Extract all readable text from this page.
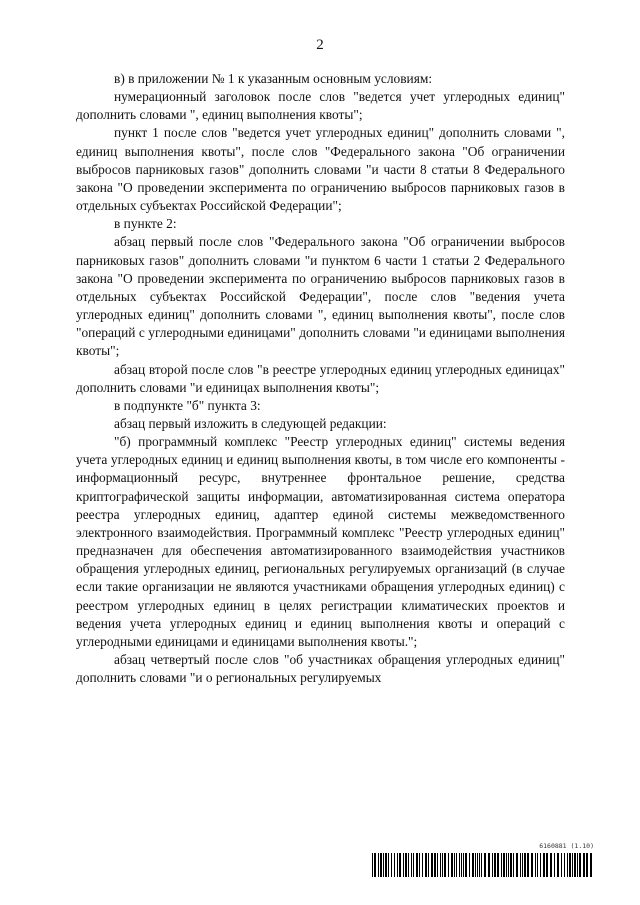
2

в) в приложении № 1 к указанным основным условиям:

нумерационный заголовок после слов "ведется учет углеродных единиц" дополнить словами ", единиц выполнения квоты";

пункт 1 после слов "ведется учет углеродных единиц" дополнить словами ", единиц выполнения квоты", после слов "Федерального закона "Об ограничении выбросов парниковых газов" дополнить словами "и части 8 статьи 8 Федерального закона "О проведении эксперимента по ограничению выбросов парниковых газов в отдельных субъектах Российской Федерации";

в пункте 2:

абзац первый после слов "Федерального закона "Об ограничении выбросов парниковых газов" дополнить словами "и пунктом 6 части 1 статьи 2 Федерального закона "О проведении эксперимента по ограничению выбросов парниковых газов в отдельных субъектах Российской Федерации", после слов "ведения учета углеродных единиц" дополнить словами ", единиц выполнения квоты", после слов "операций с углеродными единицами" дополнить словами "и единицами выполнения квоты";

абзац второй после слов "в реестре углеродных единиц углеродных единицах" дополнить словами "и единицах выполнения квоты";

в подпункте "б" пункта 3:

абзац первый изложить в следующей редакции:

"б) программный комплекс "Реестр углеродных единиц" системы ведения учета углеродных единиц и единиц выполнения квоты, в том числе его компоненты - информационный ресурс, внутреннее фронтальное решение, средства криптографической защиты информации, автоматизированная система оператора реестра углеродных единиц, адаптер единой системы межведомственного электронного взаимодействия. Программный комплекс "Реестр углеродных единиц" предназначен для обеспечения автоматизированного взаимодействия участников обращения углеродных единиц, региональных регулируемых организаций (в случае если такие организации не являются участниками обращения углеродных единиц) с реестром углеродных единиц в целях регистрации климатических проектов и ведения учета углеродных единиц и единиц выполнения квоты и операций с углеродными единицами и единицами выполнения квоты.";

абзац четвертый после слов "об участниках обращения углеродных единиц" дополнить словами "и о региональных регулируемых

6160881 (1.10)
